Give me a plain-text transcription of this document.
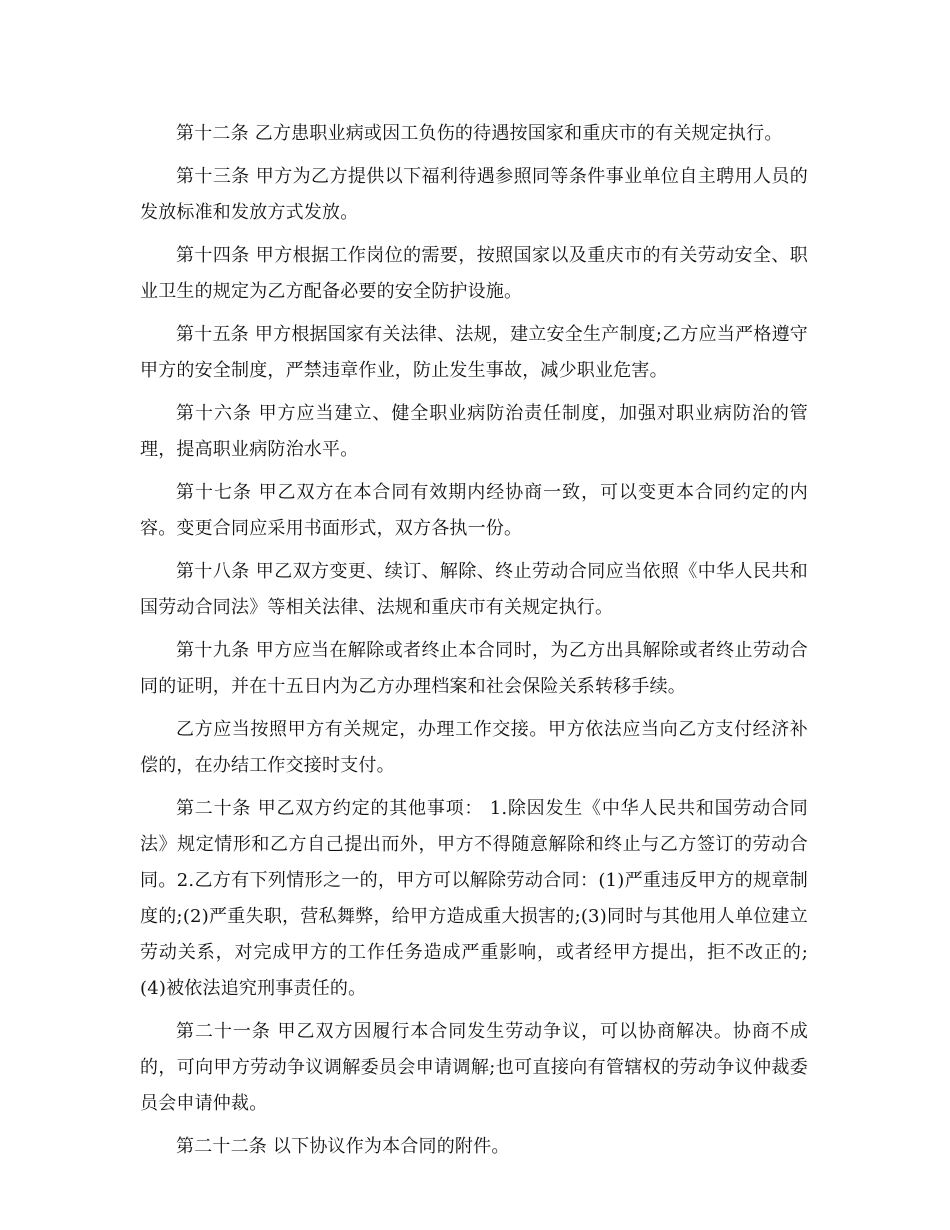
第十二条 乙方患职业病或因工负伤的待遇按国家和重庆市的有关规定执行。

第十三条 甲方为乙方提供以下福利待遇参照同等条件事业单位自主聘用人员的发放标准和发放方式发放。

第十四条 甲方根据工作岗位的需要，按照国家以及重庆市的有关劳动安全、职业卫生的规定为乙方配备必要的安全防护设施。

第十五条 甲方根据国家有关法律、法规，建立安全生产制度;乙方应当严格遵守甲方的安全制度，严禁违章作业，防止发生事故，减少职业危害。

第十六条 甲方应当建立、健全职业病防治责任制度，加强对职业病防治的管理，提高职业病防治水平。

第十七条 甲乙双方在本合同有效期内经协商一致，可以变更本合同约定的内容。变更合同应采用书面形式，双方各执一份。

第十八条 甲乙双方变更、续订、解除、终止劳动合同应当依照《中华人民共和国劳动合同法》等相关法律、法规和重庆市有关规定执行。

第十九条 甲方应当在解除或者终止本合同时，为乙方出具解除或者终止劳动合同的证明，并在十五日内为乙方办理档案和社会保险关系转移手续。

乙方应当按照甲方有关规定，办理工作交接。甲方依法应当向乙方支付经济补偿的，在办结工作交接时支付。

第二十条 甲乙双方约定的其他事项： 1.除因发生《中华人民共和国劳动合同法》规定情形和乙方自己提出而外，甲方不得随意解除和终止与乙方签订的劳动合同。2.乙方有下列情形之一的，甲方可以解除劳动合同：(1)严重违反甲方的规章制度的;(2)严重失职，营私舞弊，给甲方造成重大损害的;(3)同时与其他用人单位建立劳动关系，对完成甲方的工作任务造成严重影响，或者经甲方提出，拒不改正的;(4)被依法追究刑事责任的。

第二十一条 甲乙双方因履行本合同发生劳动争议，可以协商解决。协商不成的，可向甲方劳动争议调解委员会申请调解;也可直接向有管辖权的劳动争议仲裁委员会申请仲裁。

第二十二条 以下协议作为本合同的附件。
